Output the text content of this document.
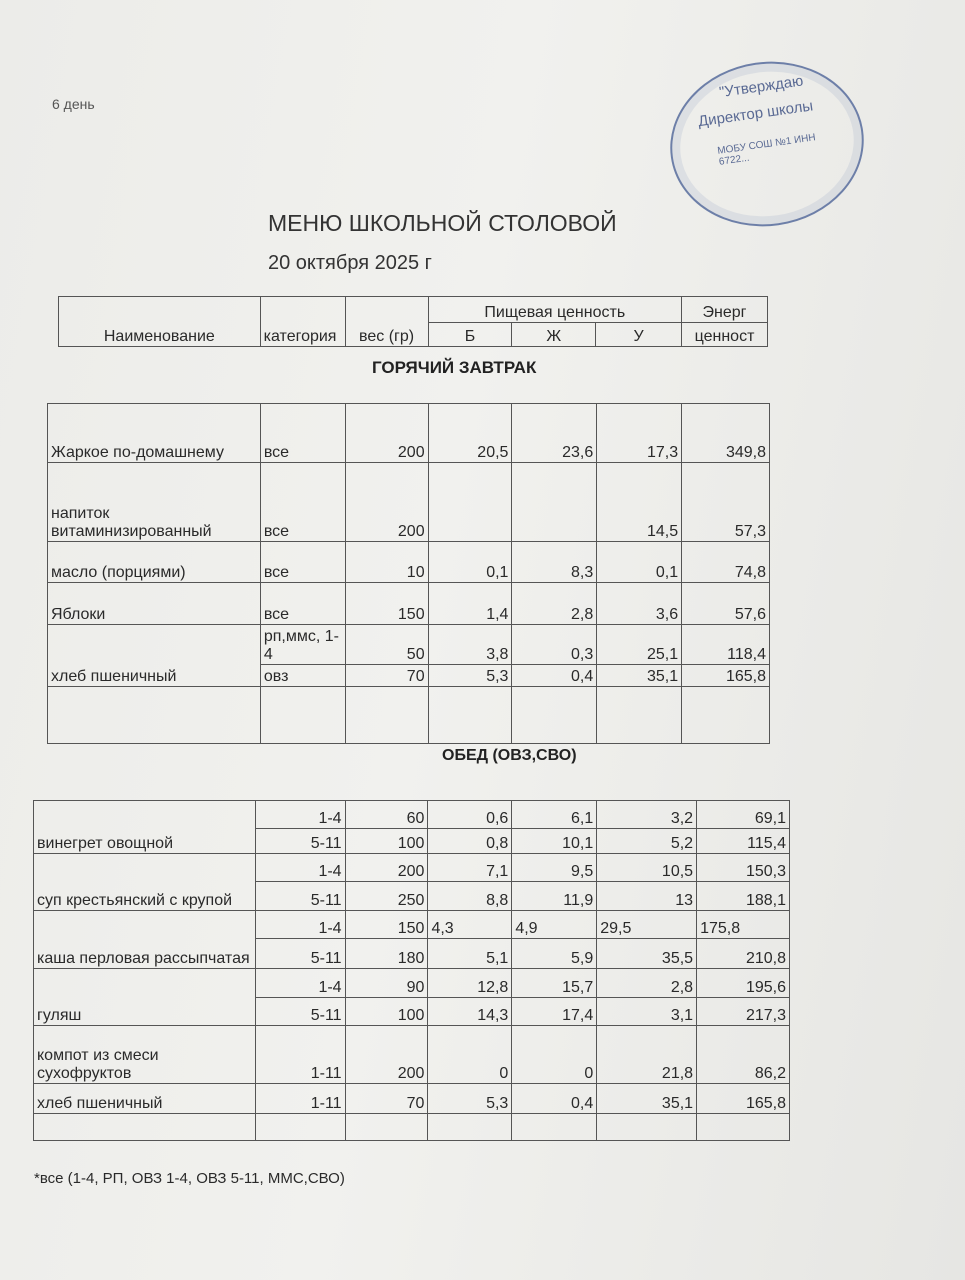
6 день
"Утверждаю
Директор школы
МОБУ СОШ №1 ИНН 6722...
МЕНЮ ШКОЛЬНОЙ СТОЛОВОЙ
20 октября 2025 г
Наименование	категория	вес (гр)	Пищевая ценность			Энерг
			Б	Ж	У	ценност
ГОРЯЧИЙ ЗАВТРАК
Жаркое по-домашнему	все	200	20,5	23,6	17,3	349,8
напиток витаминизированный	все	200			14,5	57,3
масло (порциями)	все	10	0,1	8,3	0,1	74,8
Яблоки	все	150	1,4	2,8	3,6	57,6
хлеб пшеничный	рп,ммс, 1-4	50	3,8	0,3	25,1	118,4
	овз	70	5,3	0,4	35,1	165,8

ОБЕД (ОВЗ,СВО)
винегрет овощной	1-4	60	0,6	6,1	3,2	69,1
	5-11	100	0,8	10,1	5,2	115,4
суп крестьянский с крупой	1-4	200	7,1	9,5	10,5	150,3
	5-11	250	8,8	11,9	13	188,1
каша перловая рассыпчатая	1-4	150	4,3	4,9	29,5	175,8
	5-11	180	5,1	5,9	35,5	210,8
гуляш	1-4	90	12,8	15,7	2,8	195,6
	5-11	100	14,3	17,4	3,1	217,3
компот из смеси сухофруктов	1-11	200	0	0	21,8	86,2
хлеб пшеничный	1-11	70	5,3	0,4	35,1	165,8

*все (1-4, РП, ОВЗ 1-4, ОВЗ 5-11, ММС,СВО)
